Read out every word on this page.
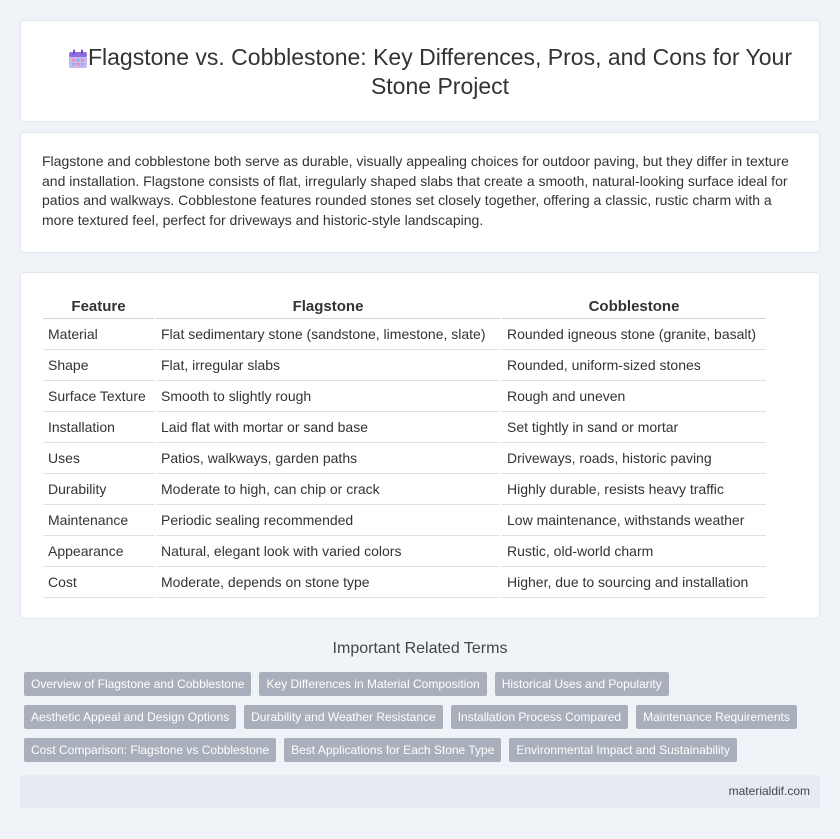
Flagstone vs. Cobblestone: Key Differences, Pros, and Cons for Your Stone Project

Flagstone and cobblestone both serve as durable, visually appealing choices for outdoor paving, but they differ in texture and installation. Flagstone consists of flat, irregularly shaped slabs that create a smooth, natural-looking surface ideal for patios and walkways. Cobblestone features rounded stones set closely together, offering a classic, rustic charm with a more textured feel, perfect for driveways and historic-style landscaping.

Feature	Flagstone	Cobblestone
Material	Flat sedimentary stone (sandstone, limestone, slate)	Rounded igneous stone (granite, basalt)
Shape	Flat, irregular slabs	Rounded, uniform-sized stones
Surface Texture	Smooth to slightly rough	Rough and uneven
Installation	Laid flat with mortar or sand base	Set tightly in sand or mortar
Uses	Patios, walkways, garden paths	Driveways, roads, historic paving
Durability	Moderate to high, can chip or crack	Highly durable, resists heavy traffic
Maintenance	Periodic sealing recommended	Low maintenance, withstands weather
Appearance	Natural, elegant look with varied colors	Rustic, old-world charm
Cost	Moderate, depends on stone type	Higher, due to sourcing and installation
Important Related Terms
Overview of Flagstone and Cobblestone	Key Differences in Material Composition	Historical Uses and Popularity
Aesthetic Appeal and Design Options	Durability and Weather Resistance	Installation Process Compared	Maintenance Requirements
Cost Comparison: Flagstone vs Cobblestone	Best Applications for Each Stone Type	Environmental Impact and Sustainability
materialdif.com
